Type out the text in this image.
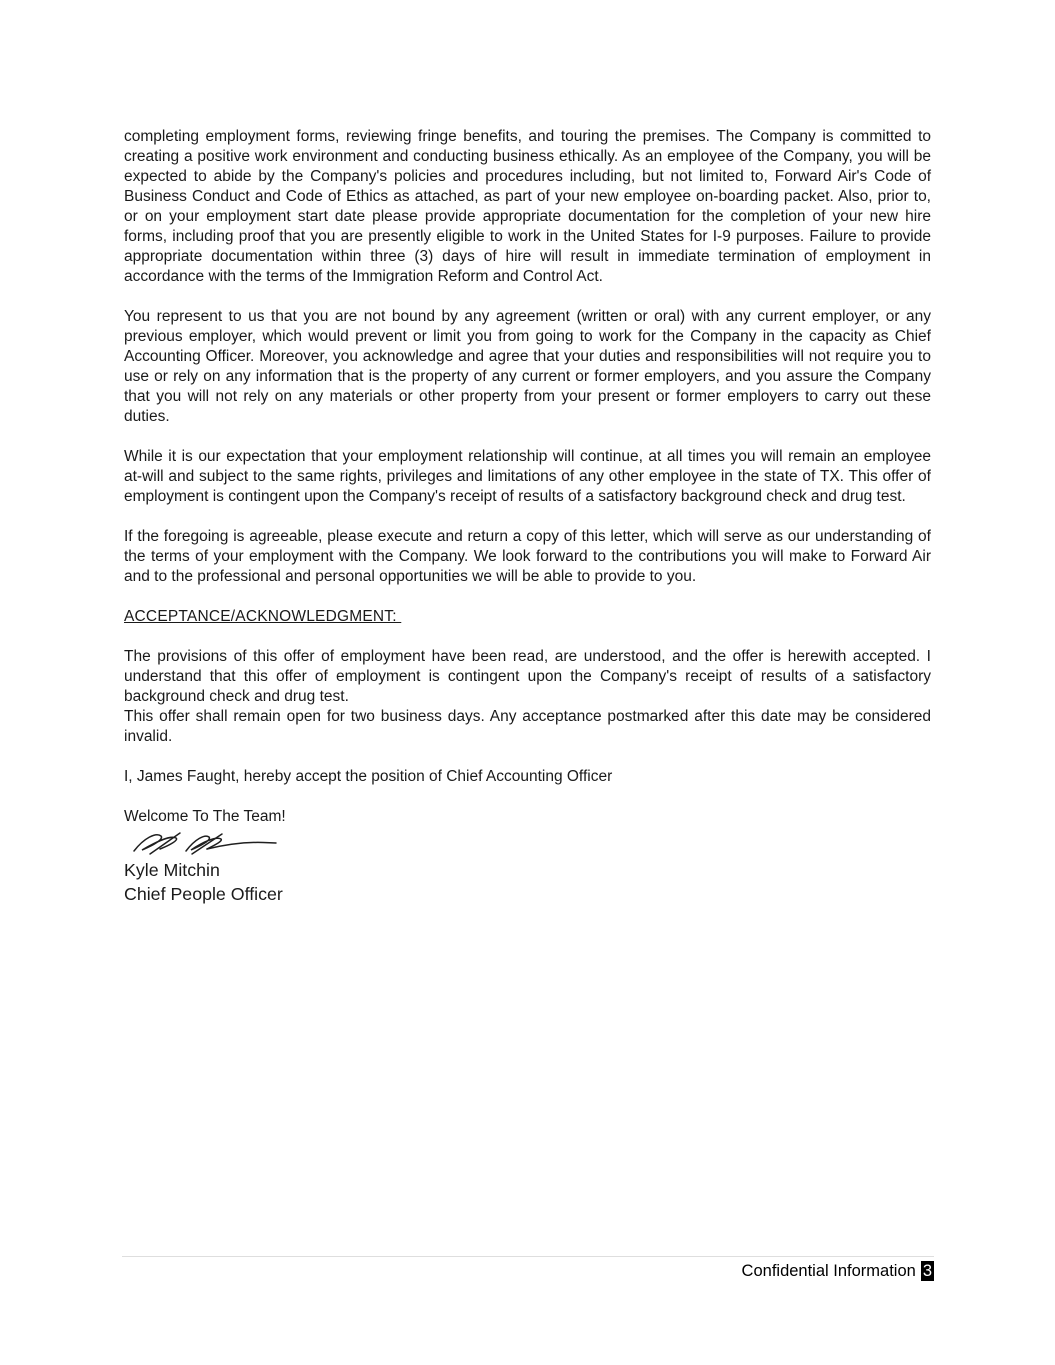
completing employment forms, reviewing fringe benefits, and touring the premises. The Company is committed to creating a positive work environment and conducting business ethically. As an employee of the Company, you will be expected to abide by the Company's policies and procedures including, but not limited to, Forward Air's Code of Business Conduct and Code of Ethics as attached, as part of your new employee on-boarding packet. Also, prior to, or on your employment start date please provide appropriate documentation for the completion of your new hire forms, including proof that you are presently eligible to work in the United States for I-9 purposes. Failure to provide appropriate documentation within three (3) days of hire will result in immediate termination of employment in accordance with the terms of the Immigration Reform and Control Act.

You represent to us that you are not bound by any agreement (written or oral) with any current employer, or any previous employer, which would prevent or limit you from going to work for the Company in the capacity as Chief Accounting Officer. Moreover, you acknowledge and agree that your duties and responsibilities will not require you to use or rely on any information that is the property of any current or former employers, and you assure the Company that you will not rely on any materials or other property from your present or former employers to carry out these duties.

While it is our expectation that your employment relationship will continue, at all times you will remain an employee at-will and subject to the same rights, privileges and limitations of any other employee in the state of TX. This offer of employment is contingent upon the Company's receipt of results of a satisfactory background check and drug test.

If the foregoing is agreeable, please execute and return a copy of this letter, which will serve as our understanding of the terms of your employment with the Company. We look forward to the contributions you will make to Forward Air and to the professional and personal opportunities we will be able to provide to you.

ACCEPTANCE/ACKNOWLEDGMENT:

The provisions of this offer of employment have been read, are understood, and the offer is herewith accepted. I understand that this offer of employment is contingent upon the Company's receipt of results of a satisfactory background check and drug test.

This offer shall remain open for two business days. Any acceptance postmarked after this date may be considered invalid.

I, James Faught, hereby accept the position of Chief Accounting Officer

Welcome To The Team!

Kyle Mitchin

Chief People Officer

Confidential Information 3
